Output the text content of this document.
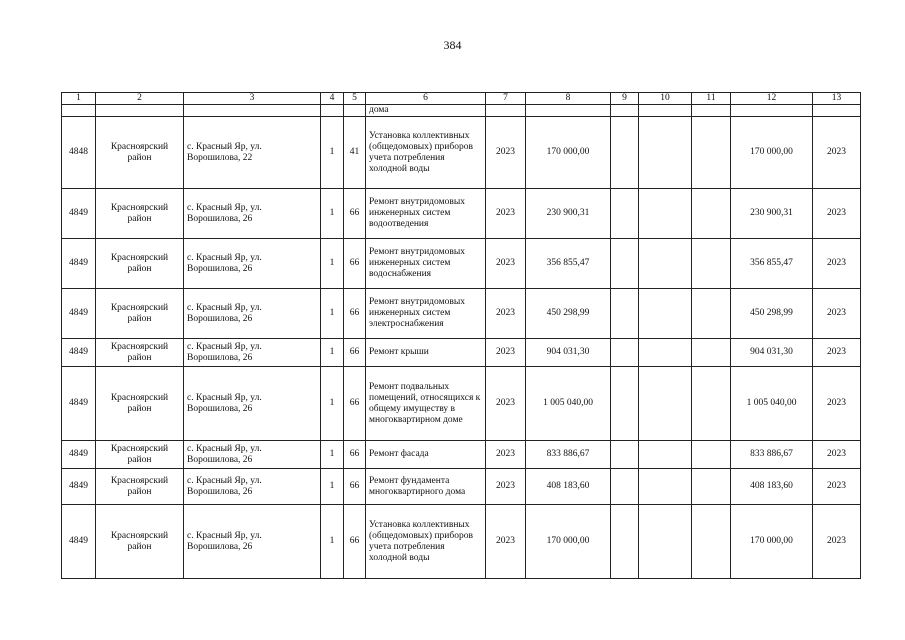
384
1	2	3	4	5	6	7	8	9	10	11	12	13
					дома							
4848	Красноярский район	с. Красный Яр, ул. Ворошилова, 22	1	41	Установка коллективных (общедомовых) приборов учета потребления холодной воды	2023	170 000,00				170 000,00	2023
4849	Красноярский район	с. Красный Яр, ул. Ворошилова, 26	1	66	Ремонт внутридомовых инженерных систем водоотведения	2023	230 900,31				230 900,31	2023
4849	Красноярский район	с. Красный Яр, ул. Ворошилова, 26	1	66	Ремонт внутридомовых инженерных систем водоснабжения	2023	356 855,47				356 855,47	2023
4849	Красноярский район	с. Красный Яр, ул. Ворошилова, 26	1	66	Ремонт внутридомовых инженерных систем электроснабжения	2023	450 298,99				450 298,99	2023
4849	Красноярский район	с. Красный Яр, ул. Ворошилова, 26	1	66	Ремонт крыши	2023	904 031,30				904 031,30	2023
4849	Красноярский район	с. Красный Яр, ул. Ворошилова, 26	1	66	Ремонт подвальных помещений, относящихся к общему имуществу в многоквартирном доме	2023	1 005 040,00				1 005 040,00	2023
4849	Красноярский район	с. Красный Яр, ул. Ворошилова, 26	1	66	Ремонт фасада	2023	833 886,67				833 886,67	2023
4849	Красноярский район	с. Красный Яр, ул. Ворошилова, 26	1	66	Ремонт фундамента многоквартирного дома	2023	408 183,60				408 183,60	2023
4849	Красноярский район	с. Красный Яр, ул. Ворошилова, 26	1	66	Установка коллективных (общедомовых) приборов учета потребления холодной воды	2023	170 000,00				170 000,00	2023
